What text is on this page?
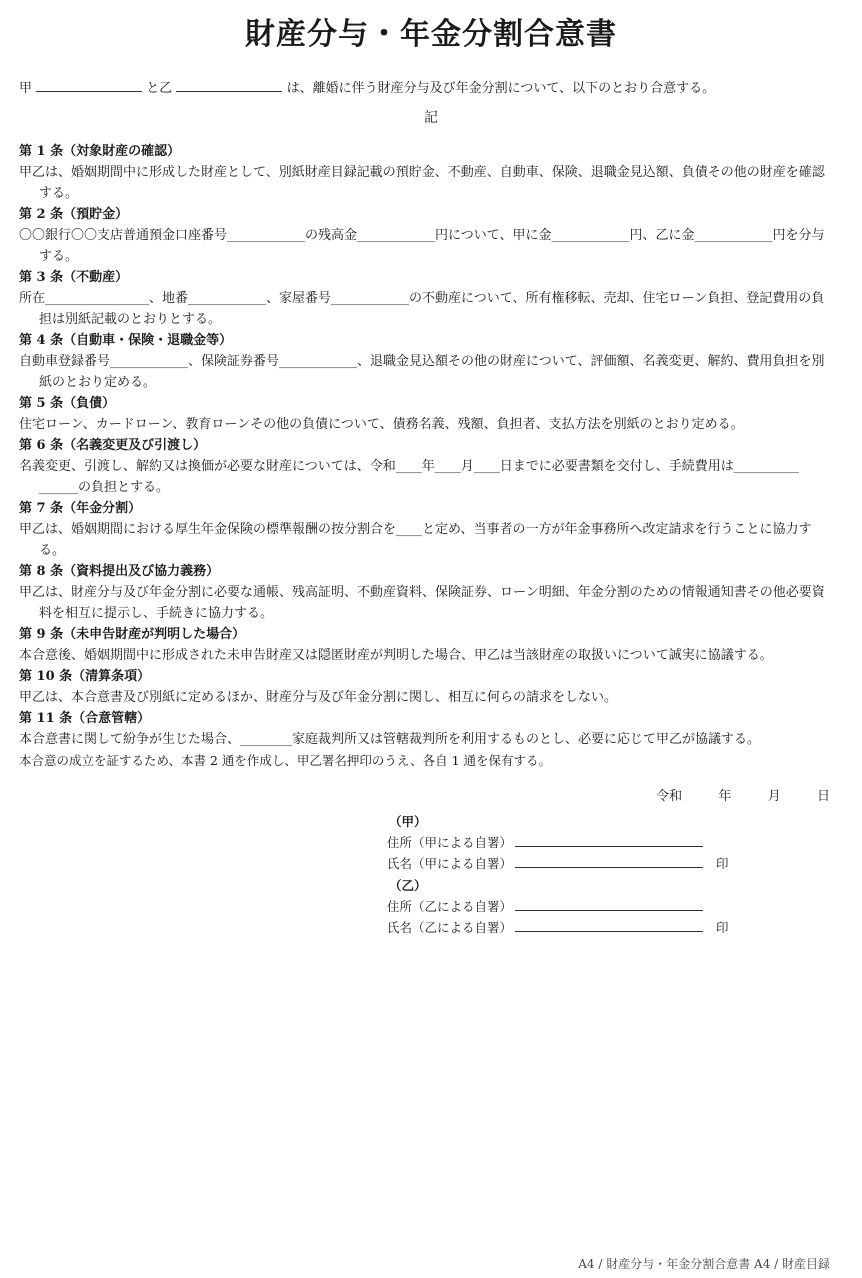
財産分与・年金分割合意書
甲	と乙	は、離婚に伴う財産分与及び年金分割について、以下のとおり合意する。
記

第 1 条（対象財産の確認）

甲乙は、婚姻期間中に形成した財産として、別紙財産目録記載の預貯金、不動産、自動車、保険、退職金見込額、負債その他の財産を確認する。

第 2 条（預貯金）

〇〇銀行〇〇支店普通預金口座番号____________の残高金____________円について、甲に金____________円、乙に金____________円を分与する。

第 3 条（不動産）

所在________________、地番____________、家屋番号____________の不動産について、所有権移転、売却、住宅ローン負担、登記費用の負担は別紙記載のとおりとする。

第 4 条（自動車・保険・退職金等）

自動車登録番号____________、保険証券番号____________、退職金見込額その他の財産について、評価額、名義変更、解約、費用負担を別紙のとおり定める。

第 5 条（負債）

住宅ローン、カードローン、教育ローンその他の負債について、債務名義、残額、負担者、支払方法を別紙のとおり定める。

第 6 条（名義変更及び引渡し）

名義変更、引渡し、解約又は換価が必要な財産については、令和____年____月____日までに必要書類を交付し、手続費用は__________ ______の負担とする。

第 7 条（年金分割）

甲乙は、婚姻期間における厚生年金保険の標準報酬の按分割合を____と定め、当事者の一方が年金事務所へ改定請求を行うことに協力する。

第 8 条（資料提出及び協力義務）

甲乙は、財産分与及び年金分割に必要な通帳、残高証明、不動産資料、保険証券、ローン明細、年金分割のための情報通知書その他必要資料を相互に提示し、手続きに協力する。

第 9 条（未申告財産が判明した場合）

本合意後、婚姻期間中に形成された未申告財産又は隠匿財産が判明した場合、甲乙は当該財産の取扱いについて誠実に協議する。

第 10 条（清算条項）

甲乙は、本合意書及び別紙に定めるほか、財産分与及び年金分割に関し、相互に何らの請求をしない。

第 11 条（合意管轄）

本合意書に関して紛争が生じた場合、________家庭裁判所又は管轄裁判所を利用するものとし、必要に応じて甲乙が協議する。

本合意の成立を証するため、本書 2 通を作成し、甲乙署名押印のうえ、各自 1 通を保有する。

令和	年	月	日
（甲）
住所（甲による自署）
氏名（甲による自署）	印
（乙）
住所（乙による自署）
氏名（乙による自署）	印
A4 / 財産分与・年金分割合意書 A4 / 財産目録
